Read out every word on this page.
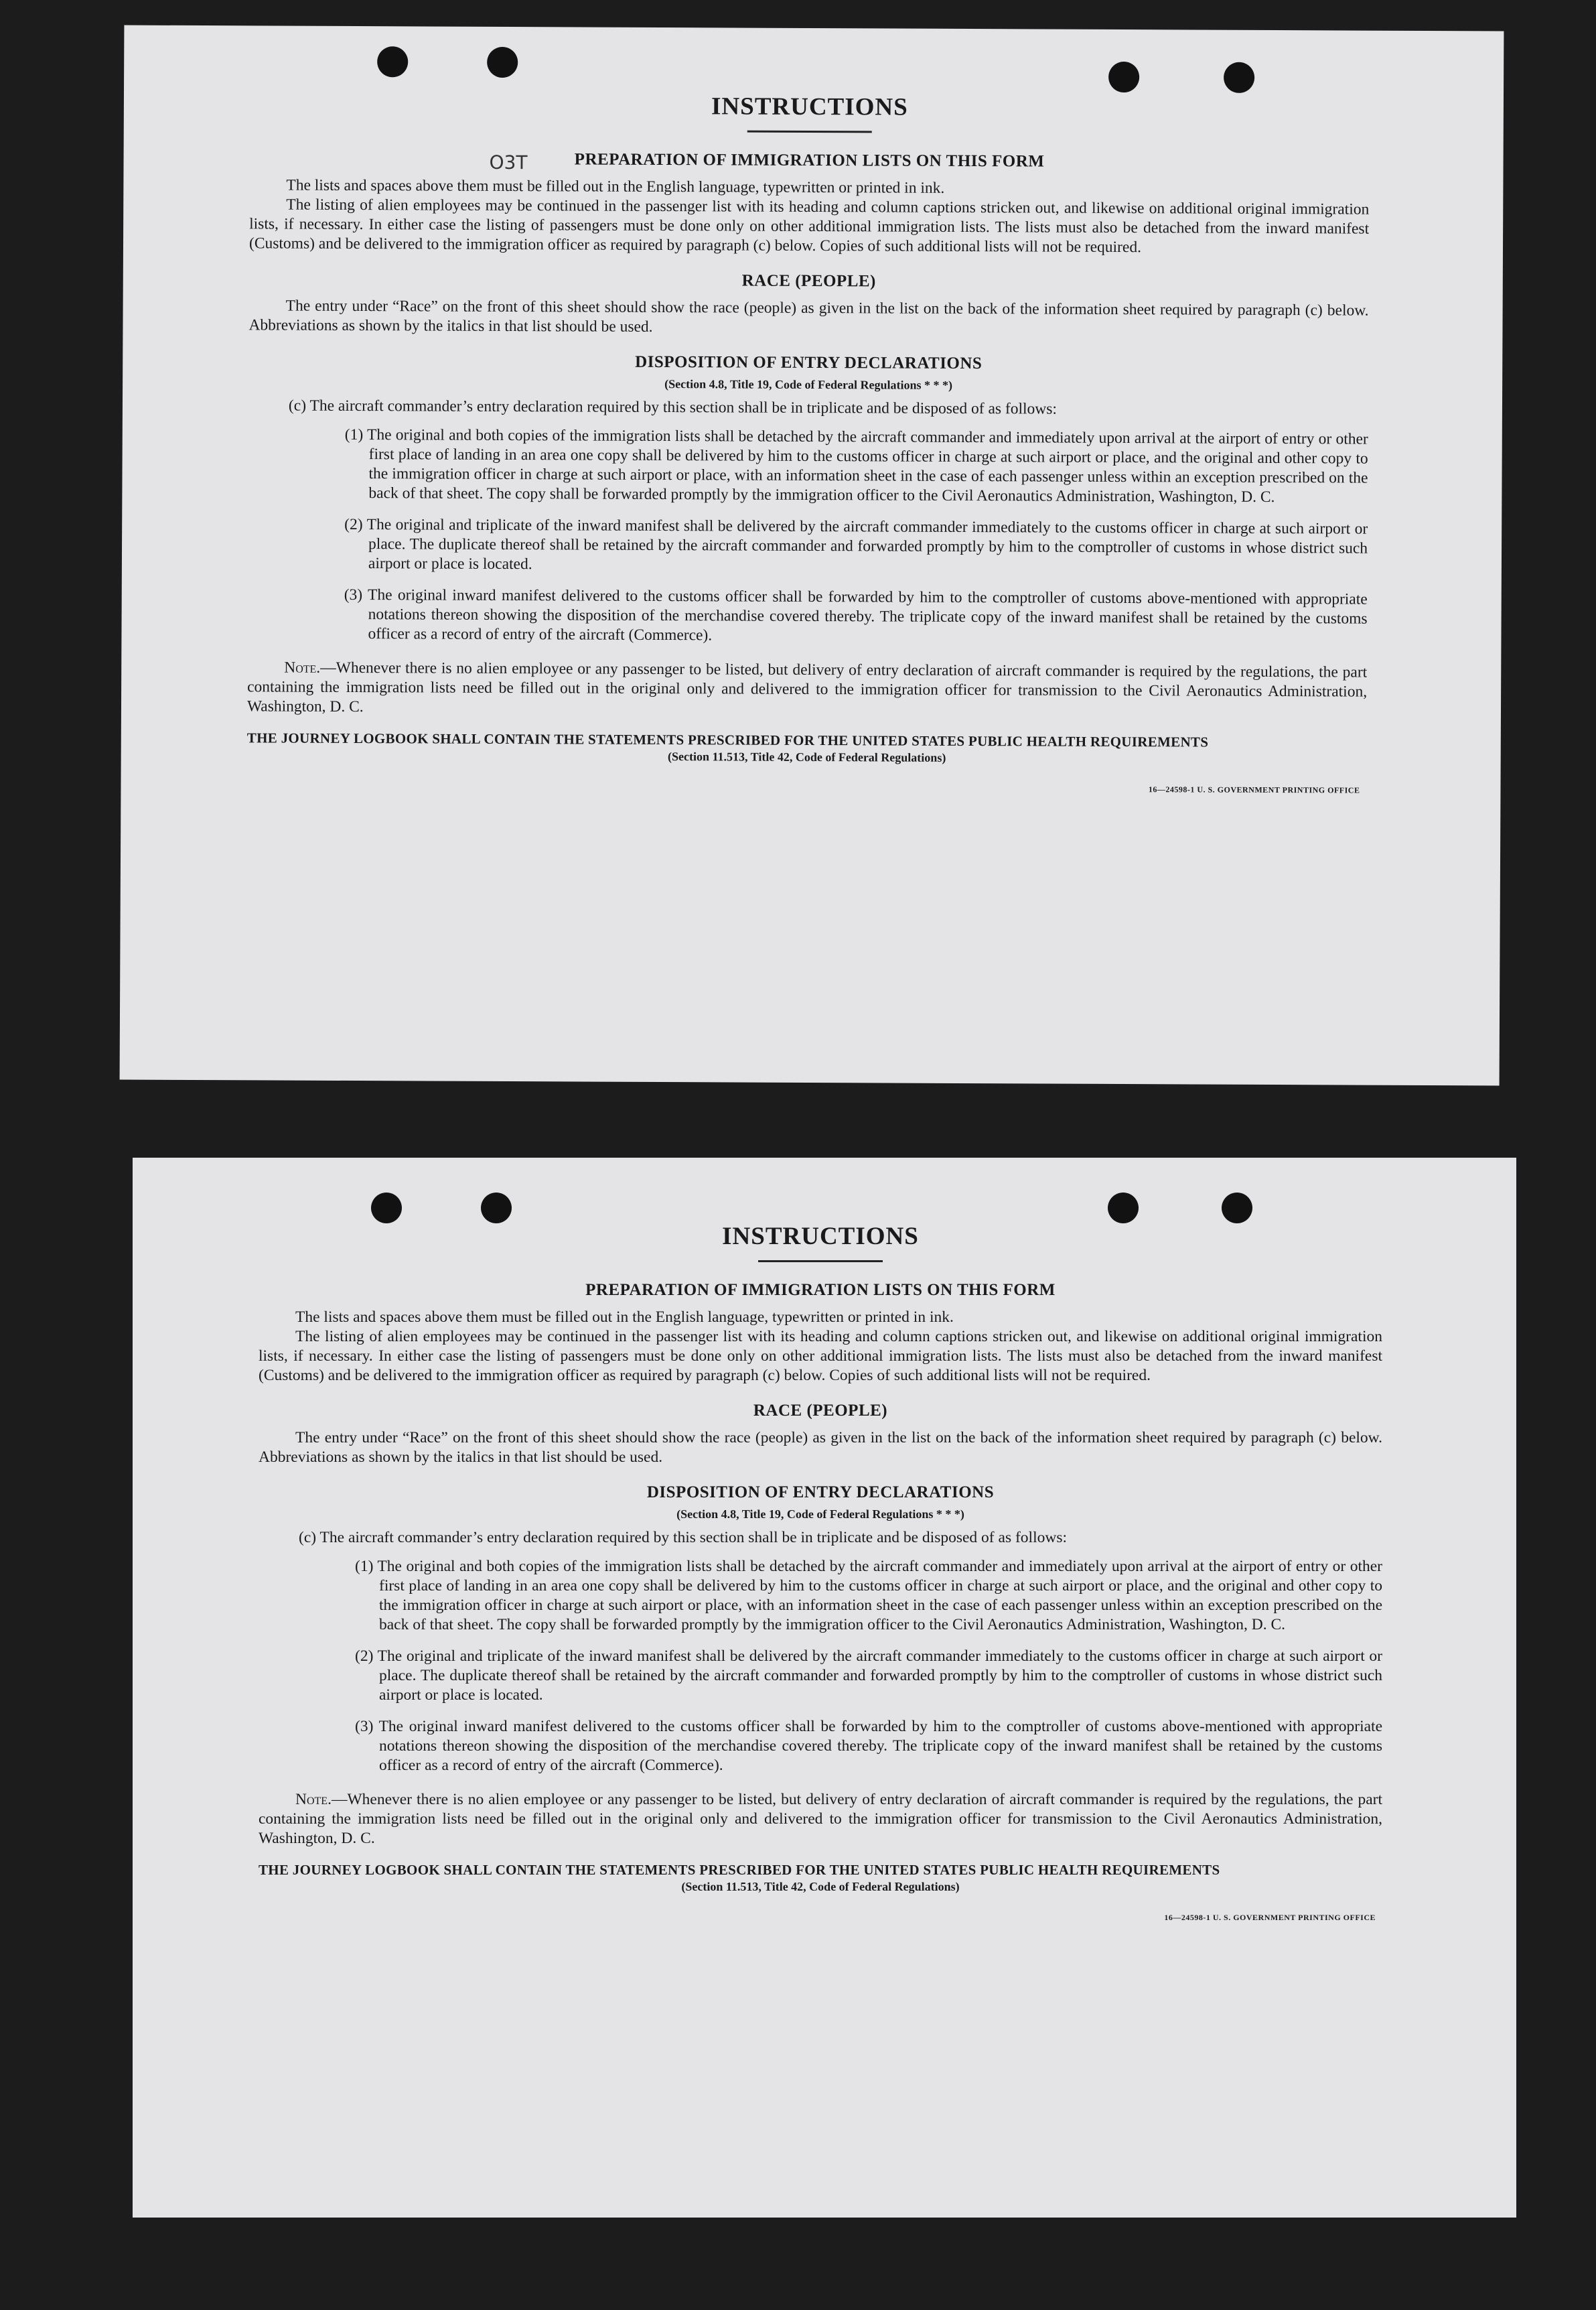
O3T
INSTRUCTIONS
PREPARATION OF IMMIGRATION LISTS ON THIS FORM

The lists and spaces above them must be filled out in the English language, typewritten or printed in ink.

The listing of alien employees may be continued in the passenger list with its heading and column captions stricken out, and likewise on additional original immigration lists, if necessary. In either case the listing of passengers must be done only on other additional immigration lists. The lists must also be detached from the inward manifest (Customs) and be delivered to the immigration officer as required by paragraph (c) below. Copies of such additional lists will not be required.

RACE (PEOPLE)

The entry under “Race” on the front of this sheet should show the race (people) as given in the list on the back of the information sheet required by paragraph (c) below. Abbreviations as shown by the italics in that list should be used.

DISPOSITION OF ENTRY DECLARATIONS
(Section 4.8, Title 19, Code of Federal Regulations * * *)

(c) The aircraft commander’s entry declaration required by this section shall be in triplicate and be disposed of as follows:

(1) The original and both copies of the immigration lists shall be detached by the aircraft commander and immediately upon arrival at the airport of entry or other first place of landing in an area one copy shall be delivered by him to the customs officer in charge at such airport or place, and the original and other copy to the immigration officer in charge at such airport or place, with an information sheet in the case of each passenger unless within an exception prescribed on the back of that sheet. The copy shall be forwarded promptly by the immigration officer to the Civil Aeronautics Administration, Washington, D. C.

(2) The original and triplicate of the inward manifest shall be delivered by the aircraft commander immediately to the customs officer in charge at such airport or place. The duplicate thereof shall be retained by the aircraft commander and forwarded promptly by him to the comptroller of customs in whose district such airport or place is located.

(3) The original inward manifest delivered to the customs officer shall be forwarded by him to the comptroller of customs above-mentioned with appropriate notations thereon showing the disposition of the merchandise covered thereby. The triplicate copy of the inward manifest shall be retained by the customs officer as a record of entry of the aircraft (Commerce).

Note.—Whenever there is no alien employee or any passenger to be listed, but delivery of entry declaration of aircraft commander is required by the regulations, the part containing the immigration lists need be filled out in the original only and delivered to the immigration officer for transmission to the Civil Aeronautics Administration, Washington, D. C.

THE JOURNEY LOGBOOK SHALL CONTAIN THE STATEMENTS PRESCRIBED FOR THE UNITED STATES PUBLIC HEALTH REQUIREMENTS

(Section 11.513, Title 42, Code of Federal Regulations)

16—24598-1 U. S. GOVERNMENT PRINTING OFFICE
INSTRUCTIONS
PREPARATION OF IMMIGRATION LISTS ON THIS FORM

The lists and spaces above them must be filled out in the English language, typewritten or printed in ink.

The listing of alien employees may be continued in the passenger list with its heading and column captions stricken out, and likewise on additional original immigration lists, if necessary. In either case the listing of passengers must be done only on other additional immigration lists. The lists must also be detached from the inward manifest (Customs) and be delivered to the immigration officer as required by paragraph (c) below. Copies of such additional lists will not be required.

RACE (PEOPLE)

The entry under “Race” on the front of this sheet should show the race (people) as given in the list on the back of the information sheet required by paragraph (c) below. Abbreviations as shown by the italics in that list should be used.

DISPOSITION OF ENTRY DECLARATIONS
(Section 4.8, Title 19, Code of Federal Regulations * * *)

(c) The aircraft commander’s entry declaration required by this section shall be in triplicate and be disposed of as follows:

(1) The original and both copies of the immigration lists shall be detached by the aircraft commander and immediately upon arrival at the airport of entry or other first place of landing in an area one copy shall be delivered by him to the customs officer in charge at such airport or place, and the original and other copy to the immigration officer in charge at such airport or place, with an information sheet in the case of each passenger unless within an exception prescribed on the back of that sheet. The copy shall be forwarded promptly by the immigration officer to the Civil Aeronautics Administration, Washington, D. C.

(2) The original and triplicate of the inward manifest shall be delivered by the aircraft commander immediately to the customs officer in charge at such airport or place. The duplicate thereof shall be retained by the aircraft commander and forwarded promptly by him to the comptroller of customs in whose district such airport or place is located.

(3) The original inward manifest delivered to the customs officer shall be forwarded by him to the comptroller of customs above-mentioned with appropriate notations thereon showing the disposition of the merchandise covered thereby. The triplicate copy of the inward manifest shall be retained by the customs officer as a record of entry of the aircraft (Commerce).

Note.—Whenever there is no alien employee or any passenger to be listed, but delivery of entry declaration of aircraft commander is required by the regulations, the part containing the immigration lists need be filled out in the original only and delivered to the immigration officer for transmission to the Civil Aeronautics Administration, Washington, D. C.

THE JOURNEY LOGBOOK SHALL CONTAIN THE STATEMENTS PRESCRIBED FOR THE UNITED STATES PUBLIC HEALTH REQUIREMENTS

(Section 11.513, Title 42, Code of Federal Regulations)

16—24598-1 U. S. GOVERNMENT PRINTING OFFICE
